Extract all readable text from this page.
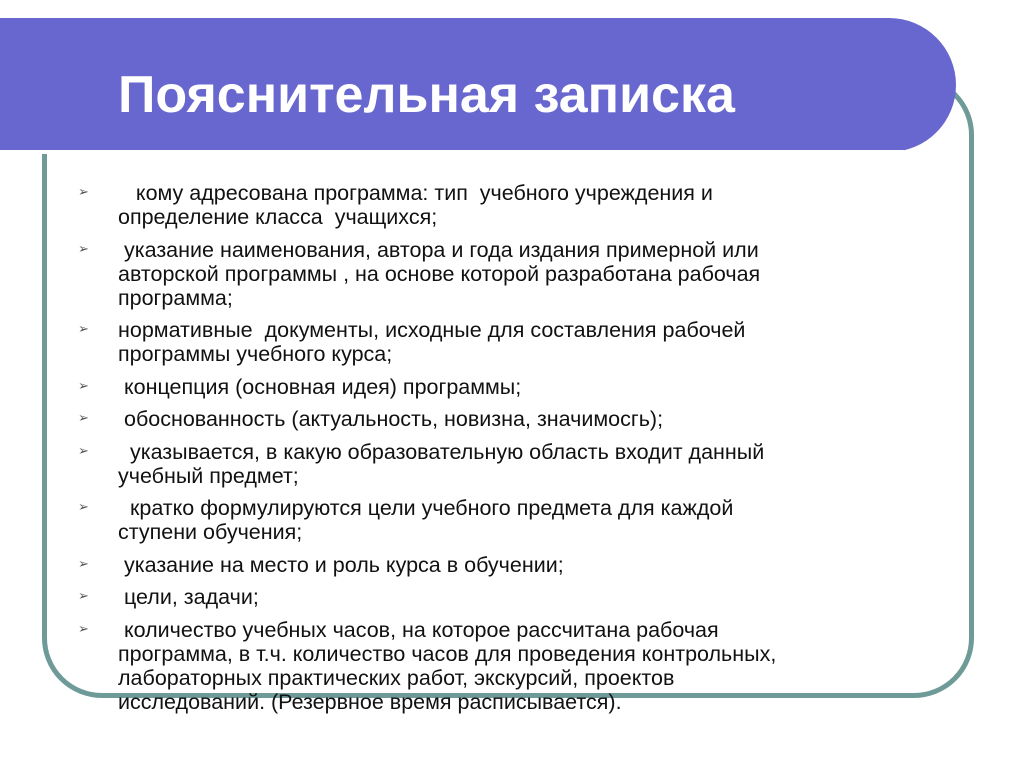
Пояснительная записка
➢	кому адресована программа: тип  учебного учреждения и
определение класса  учащихся;
➢	указание наименования, автора и года издания примерной или
авторской программы , на основе которой разработана рабочая
программа;
➢	нормативные  документы, исходные для составления рабочей
программы учебного курса;
➢	концепция (основная идея) программы;
➢	обоснованность (актуальность, новизна, значимосгь);
➢	указывается, в какую образовательную область входит данный
учебный предмет;
➢	кратко формулируются цели учебного предмета для каждой
ступени обучения;
➢	указание на место и роль курса в обучении;
➢	цели, задачи;
➢	количество учебных часов, на которое рассчитана рабочая
программа, в т.ч. количество часов для проведения контрольных,
лабораторных практических работ, экскурсий, проектов
исследований. (Резервное время расписывается).
